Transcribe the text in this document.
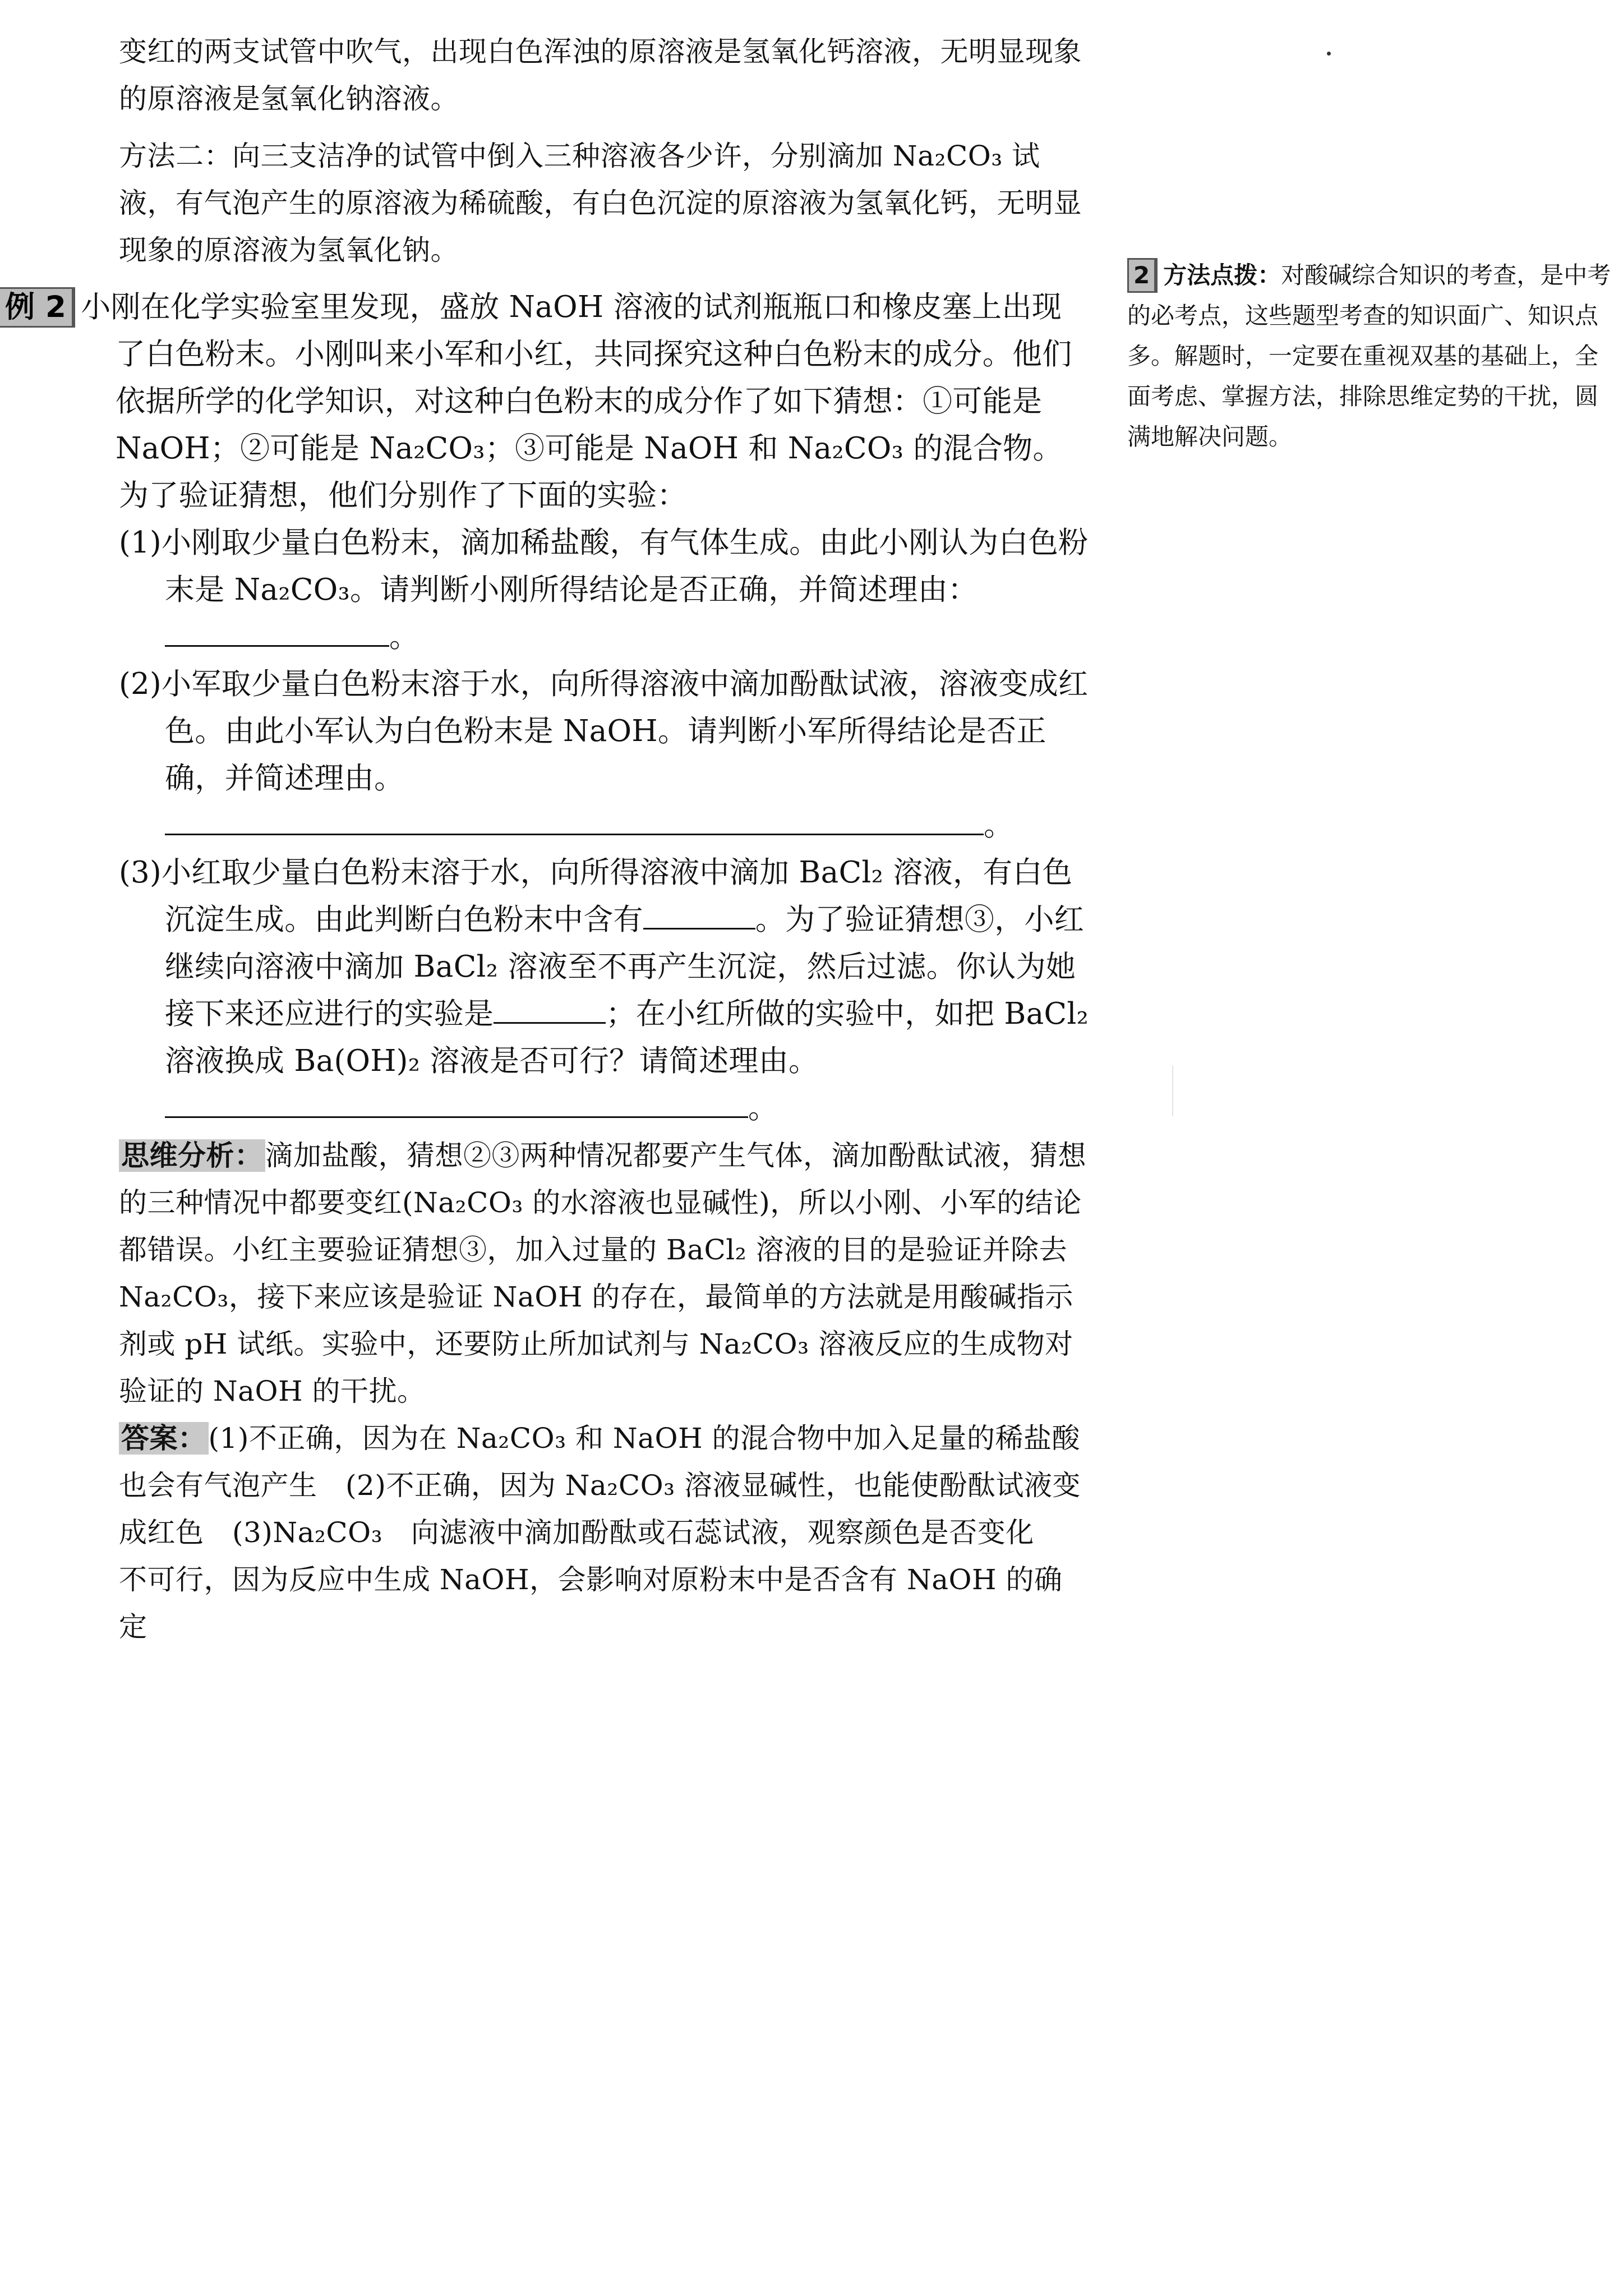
变红的两支试管中吹气，出现白色浑浊的原溶液是氢氧化钙溶液，无明显现象的原溶液是氢氧化钠溶液。

方法二：向三支洁净的试管中倒入三种溶液各少许，分别滴加 Na₂CO₃ 试液，有气泡产生的原溶液为稀硫酸，有白色沉淀的原溶液为氢氧化钙，无明显现象的原溶液为氢氧化钠。

例 2 小刚在化学实验室里发现，盛放 NaOH 溶液的试剂瓶瓶口和橡皮塞上出现了白色粉末。小刚叫来小军和小红，共同探究这种白色粉末的成分。他们依据所学的化学知识，对这种白色粉末的成分作了如下猜想：①可能是 NaOH；②可能是 Na₂CO₃；③可能是 NaOH 和 Na₂CO₃ 的混合物。

为了验证猜想，他们分别作了下面的实验：

(1)小刚取少量白色粉末，滴加稀盐酸，有气体生成。由此小刚认为白色粉末是 Na₂CO₃。请判断小刚所得结论是否正确，并简述理由：。

(2)小军取少量白色粉末溶于水，向所得溶液中滴加酚酞试液，溶液变成红色。由此小军认为白色粉末是 NaOH。请判断小军所得结论是否正确，并简述理由。
。

(3)小红取少量白色粉末溶于水，向所得溶液中滴加 BaCl₂ 溶液，有白色沉淀生成。由此判断白色粉末中含有	。为了验证猜想③，小红继续向溶液中滴加 BaCl₂ 溶液至不再产生沉淀，然后过滤。你认为她接下来还应进行的实验是	；在小红所做的实验中，如把 BaCl₂ 溶液换成 Ba(OH)₂ 溶液是否可行？请简述理由。。

思维分析：滴加盐酸，猜想②③两种情况都要产生气体，滴加酚酞试液，猜想的三种情况中都要变红(Na₂CO₃ 的水溶液也显碱性)，所以小刚、小军的结论都错误。小红主要验证猜想③，加入过量的 BaCl₂ 溶液的目的是验证并除去 Na₂CO₃，接下来应该是验证 NaOH 的存在，最简单的方法就是用酸碱指示剂或 pH 试纸。实验中，还要防止所加试剂与 Na₂CO₃ 溶液反应的生成物对验证的 NaOH 的干扰。

答案：(1)不正确，因为在 Na₂CO₃ 和 NaOH 的混合物中加入足量的稀盐酸也会有气泡产生　(2)不正确，因为 Na₂CO₃ 溶液显碱性，也能使酚酞试液变成红色　(3)Na₂CO₃　向滤液中滴加酚酞或石蕊试液，观察颜色是否变化　不可行，因为反应中生成 NaOH，会影响对原粉末中是否含有 NaOH 的确定

2 方法点拨：对酸碱综合知识的考查，是中考的必考点，这些题型考查的知识面广、知识点多。解题时，一定要在重视双基的基础上，全面考虑、掌握方法，排除思维定势的干扰，圆满地解决问题。
